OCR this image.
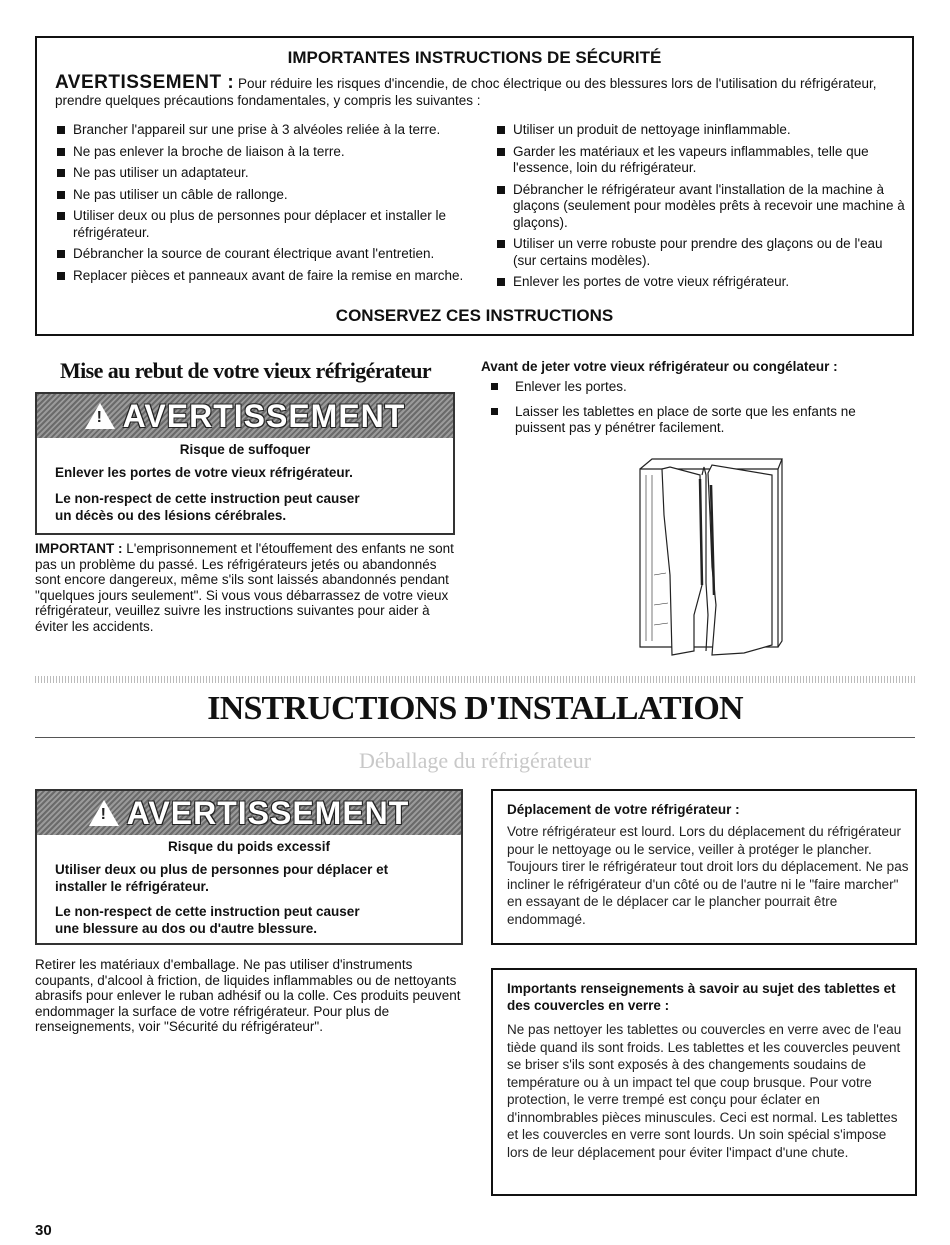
IMPORTANTES INSTRUCTIONS DE SÉCURITÉ
AVERTISSEMENT : Pour réduire les risques d'incendie, de choc électrique ou des blessures lors de l'utilisation du réfrigérateur, prendre quelques précautions fondamentales, y compris les suivantes :
Brancher l'appareil sur une prise à 3 alvéoles reliée à la terre.
Ne pas enlever la broche de liaison à la terre.
Ne pas utiliser un adaptateur.
Ne pas utiliser un câble de rallonge.
Utiliser deux ou plus de personnes pour déplacer et installer le réfrigérateur.
Débrancher la source de courant électrique avant l'entretien.
Replacer pièces et panneaux avant de faire la remise en marche.
Utiliser un produit de nettoyage ininflammable.
Garder les matériaux et les vapeurs inflammables, telle que l'essence, loin du réfrigérateur.
Débrancher le réfrigérateur avant l'installation de la machine à glaçons (seulement pour modèles prêts à recevoir une machine à glaçons).
Utiliser un verre robuste pour prendre des glaçons ou de l'eau (sur certains modèles).
Enlever les portes de votre vieux réfrigérateur.
CONSERVEZ CES INSTRUCTIONS
Mise au rebut de votre vieux réfrigérateur
! AVERTISSEMENT
Risque de suffoquer
Enlever les portes de votre vieux réfrigérateur.
Le non-respect de cette instruction peut causer
un décès ou des lésions cérébrales.
IMPORTANT : L'emprisonnement et l'étouffement des enfants ne sont pas un problème du passé. Les réfrigérateurs jetés ou abandonnés sont encore dangereux, même s'ils sont laissés abandonnés pendant "quelques jours seulement". Si vous vous débarrassez de votre vieux réfrigérateur, veuillez suivre les instructions suivantes pour aider à éviter les accidents.
Avant de jeter votre vieux réfrigérateur ou congélateur :
Enlever les portes.
Laisser les tablettes en place de sorte que les enfants ne puissent pas y pénétrer facilement.
INSTRUCTIONS D'INSTALLATION
Déballage du réfrigérateur
! AVERTISSEMENT
Risque du poids excessif
Utiliser deux ou plus de personnes pour déplacer et
installer le réfrigérateur.
Le non-respect de cette instruction peut causer
une blessure au dos ou d'autre blessure.
Retirer les matériaux d'emballage. Ne pas utiliser d'instruments coupants, d'alcool à friction, de liquides inflammables ou de nettoyants abrasifs pour enlever le ruban adhésif ou la colle. Ces produits peuvent endommager la surface de votre réfrigérateur. Pour plus de renseignements, voir "Sécurité du réfrigérateur".
Déplacement de votre réfrigérateur :
Votre réfrigérateur est lourd. Lors du déplacement du réfrigérateur pour le nettoyage ou le service, veiller à protéger le plancher. Toujours tirer le réfrigérateur tout droit lors du déplacement. Ne pas incliner le réfrigérateur d'un côté ou de l'autre ni le "faire marcher" en essayant de le déplacer car le plancher pourrait être endommagé.
Importants renseignements à savoir au sujet des tablettes et des couvercles en verre :
Ne pas nettoyer les tablettes ou couvercles en verre avec de l'eau tiède quand ils sont froids. Les tablettes et les couvercles peuvent se briser s'ils sont exposés à des changements soudains de température ou à un impact tel que coup brusque. Pour votre protection, le verre trempé est conçu pour éclater en d'innombrables pièces minuscules. Ceci est normal. Les tablettes et les couvercles en verre sont lourds. Un soin spécial s'impose lors de leur déplacement pour éviter l'impact d'une chute.
30
